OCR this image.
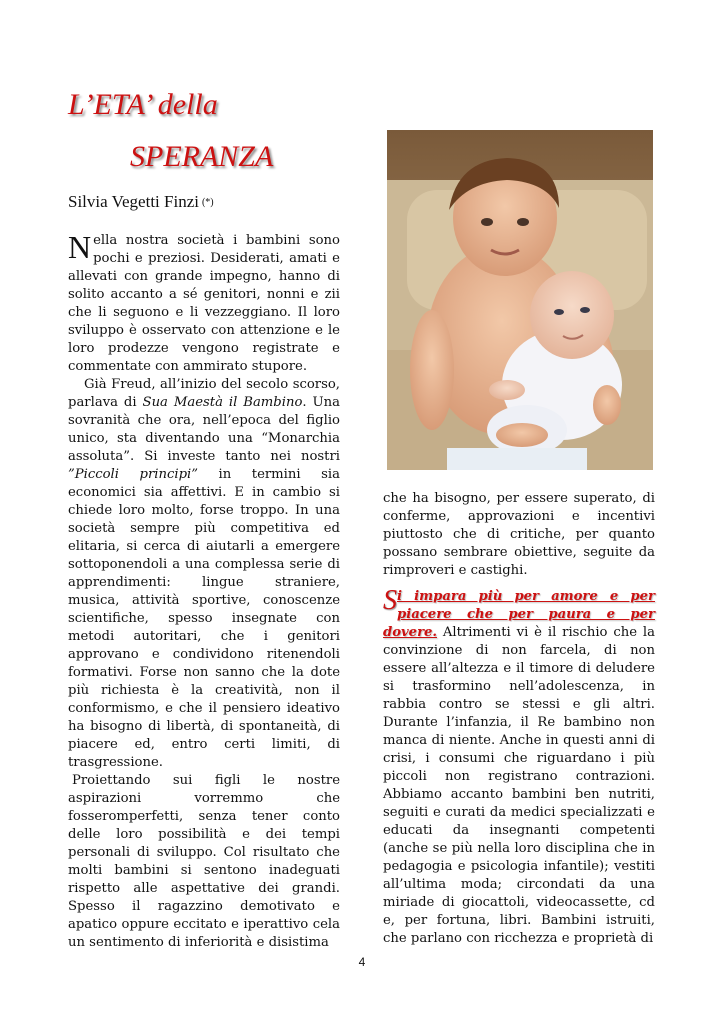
L’ETA’ della
SPERANZA
Silvia Vegetti Finzi (*)

Nella nostra società i bambini sono pochi e preziosi. Desiderati, amati e allevati con grande impegno, hanno di solito accanto a sé genitori, nonni e zii che li seguono e li vezzeggiano. Il loro sviluppo è osservato con attenzione e le loro prodezze vengono registrate e commentate con ammirato stupore.

Già Freud, all’inizio del secolo scorso, parlava di Sua Maestà il Bambino. Una sovranità che ora, nell’epoca del figlio unico, sta diventando una “Monarchia assoluta”. Si investe tanto nei nostri ”Piccoli principi” in termini sia economici sia affettivi. E in cambio si chiede loro molto, forse troppo. In una società sempre più competitiva ed elitaria, si cerca di aiutarli a emergere sottoponendoli a una complessa serie di apprendimenti: lingue straniere, musica, attività sportive, conoscenze scientifiche, spesso insegnate con metodi autoritari, che i genitori approvano e condividono ritenendoli formativi. Forse non sanno che la dote più richiesta è la creatività, non il conformismo, e che il pensiero ideativo ha bisogno di libertà, di spontaneità, di piacere ed, entro certi limiti, di trasgressione.

Proiettando sui figli le nostre aspirazioni vorremmo che fosseromperfetti, senza tener conto delle loro possibilità e dei tempi personali di sviluppo. Col risultato che molti bambini si sentono inadeguati rispetto alle aspettative dei grandi. Spesso il ragazzino demotivato e apatico oppure eccitato e iperattivo cela un sentimento di inferiorità e disistima

che ha bisogno, per essere superato, di conferme, approvazioni e incentivi piuttosto che di critiche, per quanto possano sembrare obiettive, seguite da rimproveri e castighi.

Si impara più per amore e per piacere che per paura e per dovere. Altrimenti vi è il rischio che la convinzione di non farcela, di non essere all’altezza e il timore di deludere si trasformino nell’adolescenza, in rabbia contro se stessi e gli altri. Durante l’infanzia, il Re bambino non manca di niente. Anche in questi anni di crisi, i consumi che riguardano i più piccoli non registrano contrazioni. Abbiamo accanto bambini ben nutriti, seguiti e curati da medici specializzati e educati da insegnanti competenti (anche se più nella loro disciplina che in pedagogia e psicologia infantile); vestiti all’ultima moda; circondati da una miriade di giocattoli, videocassette, cd e, per fortuna, libri. Bambini istruiti, che parlano con ricchezza e proprietà di

4
